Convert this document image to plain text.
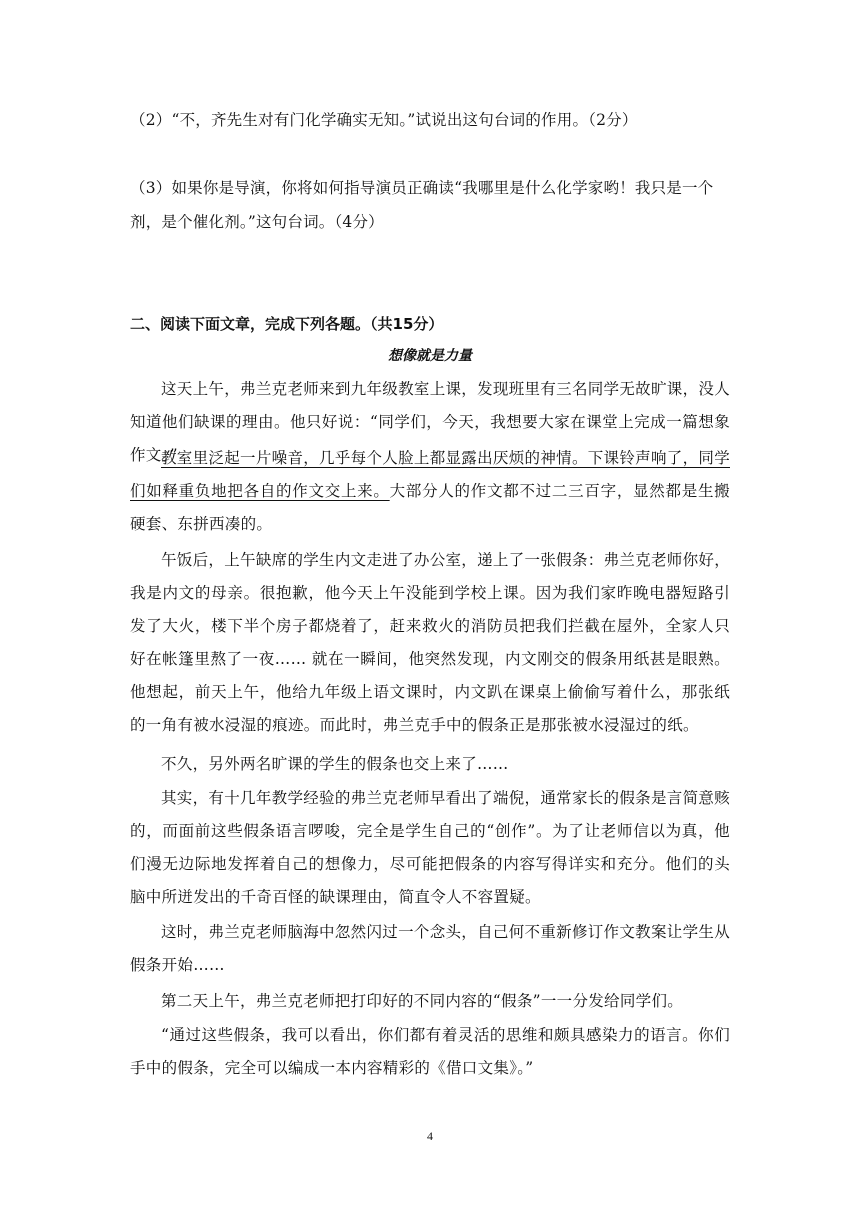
（2）“不，齐先生对有门化学确实无知。”试说出这句台词的作用。（2分）
（3）如果你是导演，你将如何指导演员正确读“我哪里是什么化学家哟！我只是一个
剂，是个催化剂。”这句台词。（4分）
二、阅读下面文章，完成下列各题。（共15分）
想像就是力量
这天上午，弗兰克老师来到九年级教室上课，发现班里有三名同学无故旷课，没人知道他们缺课的理由。他只好说：“同学们，今天，我想要大家在课堂上完成一篇想象作文。”
教室里泛起一片噪音，几乎每个人脸上都显露出厌烦的神情。下课铃声响了，同学们如释重负地把各自的作文交上来。大部分人的作文都不过二三百字，显然都是生搬硬套、东拼西凑的。
午饭后，上午缺席的学生内文走进了办公室，递上了一张假条：弗兰克老师你好，我是内文的母亲。很抱歉，他今天上午没能到学校上课。因为我们家昨晚电器短路引发了大火，楼下半个房子都烧着了，赶来救火的消防员把我们拦截在屋外，全家人只好在帐篷里熬了一夜…… 就在一瞬间，他突然发现，内文刚交的假条用纸甚是眼熟。他想起，前天上午，他给九年级上语文课时，内文趴在课桌上偷偷写着什么，那张纸的一角有被水浸湿的痕迹。而此时，弗兰克手中的假条正是那张被水浸湿过的纸。
不久，另外两名旷课的学生的假条也交上来了……
其实，有十几年教学经验的弗兰克老师早看出了端倪，通常家长的假条是言简意赅的，而面前这些假条语言啰唆，完全是学生自己的“创作”。为了让老师信以为真，他们漫无边际地发挥着自己的想像力，尽可能把假条的内容写得详实和充分。他们的头脑中所迸发出的千奇百怪的缺课理由，简直令人不容置疑。
这时，弗兰克老师脑海中忽然闪过一个念头，自己何不重新修订作文教案让学生从假条开始……
第二天上午，弗兰克老师把打印好的不同内容的“假条”一一分发给同学们。
“通过这些假条，我可以看出，你们都有着灵活的思维和颇具感染力的语言。你们手中的假条，完全可以编成一本内容精彩的《借口文集》。”
4
